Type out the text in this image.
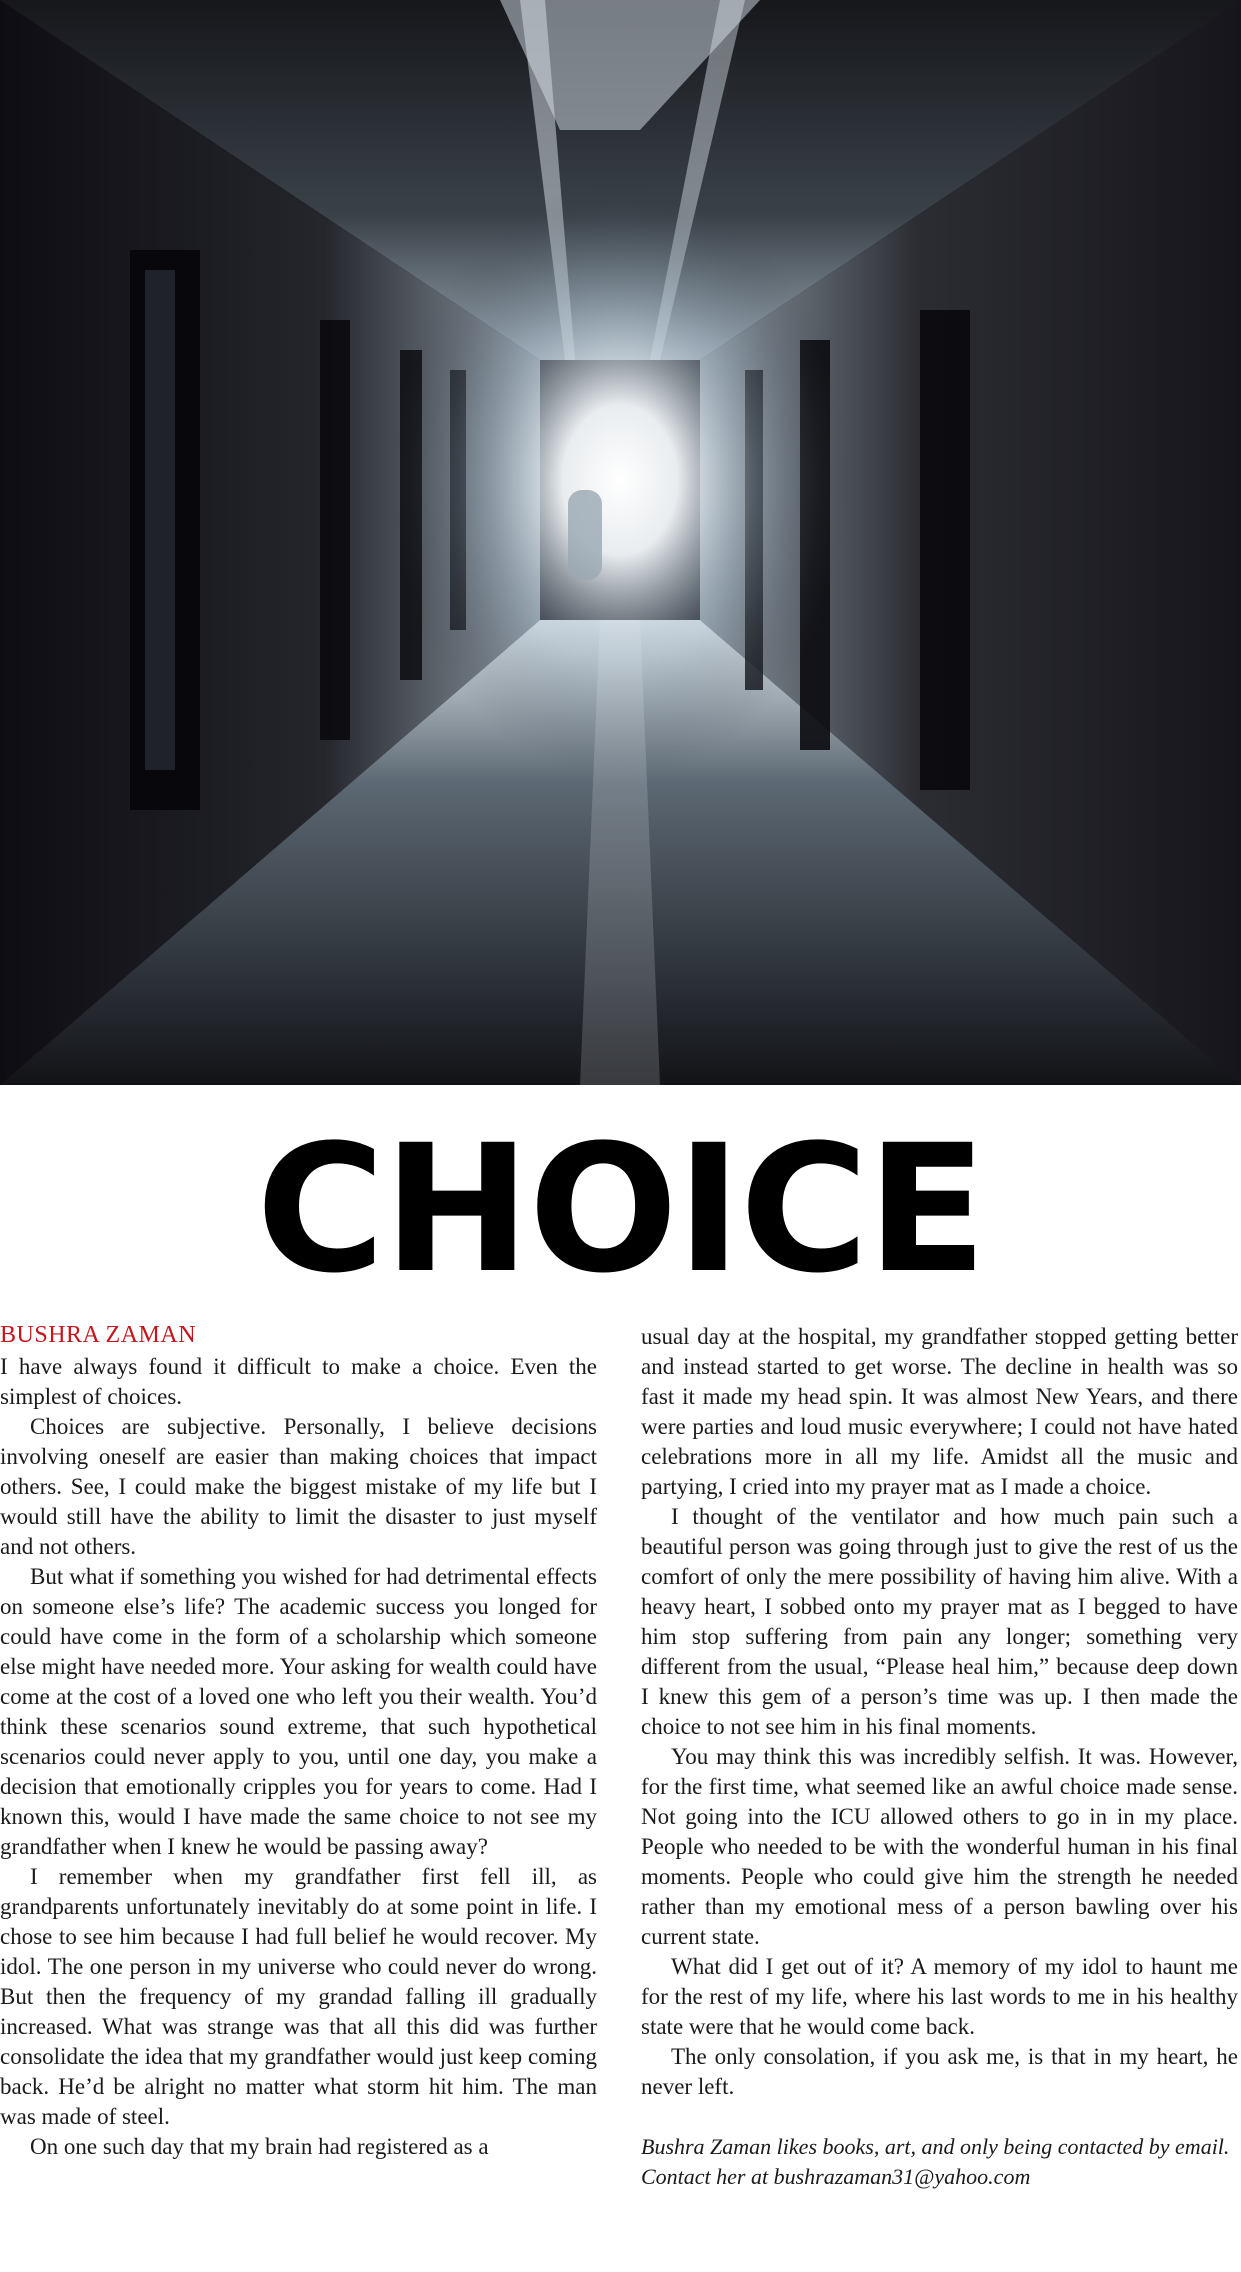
CHOICE
BUSHRA ZAMAN

I have always found it difficult to make a choice. Even the simplest of choices.

Choices are subjective. Personally, I believe decisions involving oneself are easier than making choices that impact others. See, I could make the biggest mistake of my life but I would still have the ability to limit the disaster to just myself and not others.

But what if something you wished for had detrimental effects on someone else’s life? The academic success you longed for could have come in the form of a scholarship which someone else might have needed more. Your asking for wealth could have come at the cost of a loved one who left you their wealth. You’d think these scenarios sound extreme, that such hypothetical scenarios could never apply to you, until one day, you make a decision that emotionally cripples you for years to come. Had I known this, would I have made the same choice to not see my grandfather when I knew he would be passing away?

I remember when my grandfather first fell ill, as grandparents unfortunately inevitably do at some point in life. I chose to see him because I had full belief he would recover. My idol. The one person in my universe who could never do wrong. But then the frequency of my grandad falling ill gradually increased. What was strange was that all this did was further consolidate the idea that my grandfather would just keep coming back. He’d be alright no matter what storm hit him. The man was made of steel.

On one such day that my brain had registered as a

usual day at the hospital, my grandfather stopped getting better and instead started to get worse. The decline in health was so fast it made my head spin. It was almost New Years, and there were parties and loud music everywhere; I could not have hated celebrations more in all my life. Amidst all the music and partying, I cried into my prayer mat as I made a choice.

I thought of the ventilator and how much pain such a beautiful person was going through just to give the rest of us the comfort of only the mere possibility of having him alive. With a heavy heart, I sobbed onto my prayer mat as I begged to have him stop suffering from pain any longer; something very different from the usual, “Please heal him,” because deep down I knew this gem of a person’s time was up. I then made the choice to not see him in his final moments.

You may think this was incredibly selfish. It was. However, for the first time, what seemed like an awful choice made sense. Not going into the ICU allowed others to go in in my place. People who needed to be with the wonderful human in his final moments. People who could give him the strength he needed rather than my emotional mess of a person bawling over his current state.

What did I get out of it? A memory of my idol to haunt me for the rest of my life, where his last words to me in his healthy state were that he would come back.

The only consolation, if you ask me, is that in my heart, he never left.

Bushra Zaman likes books, art, and only being contacted by email. Contact her at bushrazaman31@yahoo.com
